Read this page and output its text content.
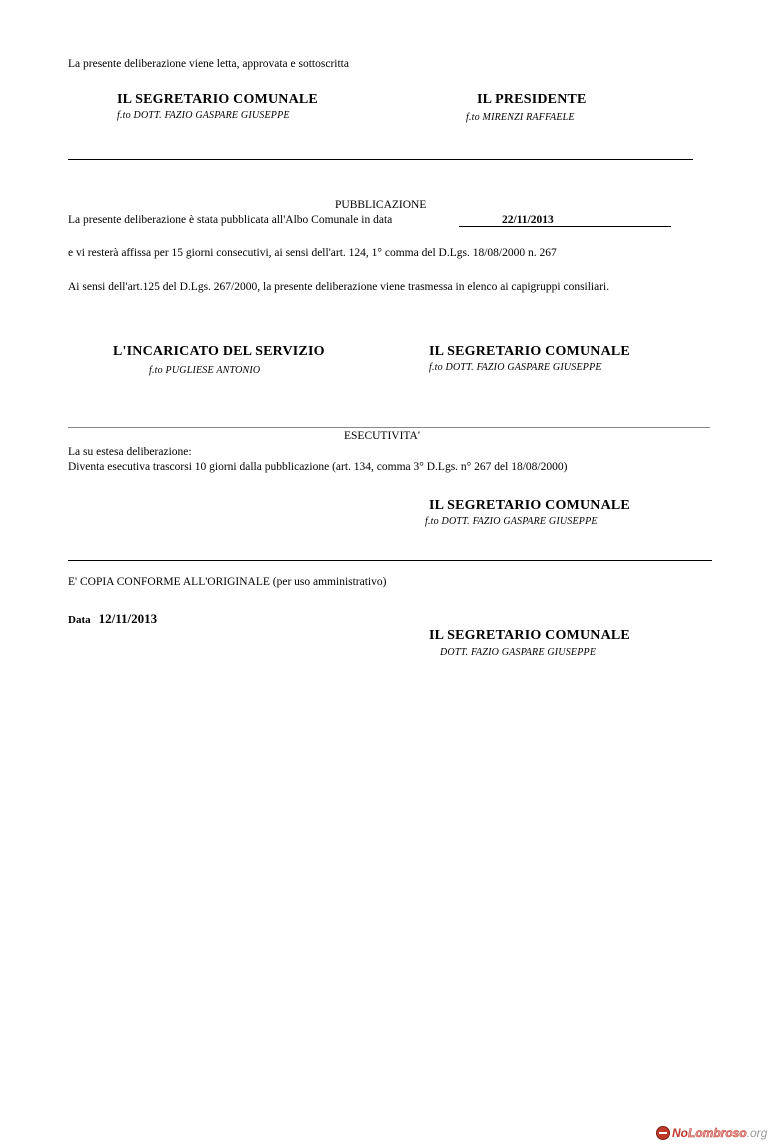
La presente deliberazione viene letta, approvata e sottoscritta
IL SEGRETARIO COMUNALE
f.to DOTT. FAZIO GASPARE GIUSEPPE
IL PRESIDENTE
f.to MIRENZI RAFFAELE
PUBBLICAZIONE
La presente deliberazione è stata pubblicata all'Albo Comunale in data	22/11/2013
e vi resterà affissa per 15 giorni consecutivi, ai sensi dell'art. 124, 1° comma del D.Lgs. 18/08/2000 n. 267
Ai sensi dell'art.125 del D.Lgs. 267/2000, la presente deliberazione viene trasmessa in elenco ai capigruppi consiliari.
L'INCARICATO DEL SERVIZIO
f.to PUGLIESE ANTONIO
IL SEGRETARIO COMUNALE
f.to DOTT. FAZIO GASPARE GIUSEPPE
ESECUTIVITA'
La su estesa deliberazione:
Diventa esecutiva trascorsi 10 giorni dalla pubblicazione (art. 134, comma 3° D.Lgs. n° 267 del 18/08/2000)
IL SEGRETARIO COMUNALE
f.to DOTT. FAZIO GASPARE GIUSEPPE
E' COPIA CONFORME ALL'ORIGINALE (per uso amministrativo)
Data 12/11/2013
IL SEGRETARIO COMUNALE
DOTT. FAZIO GASPARE GIUSEPPE
No Lombroso .org
